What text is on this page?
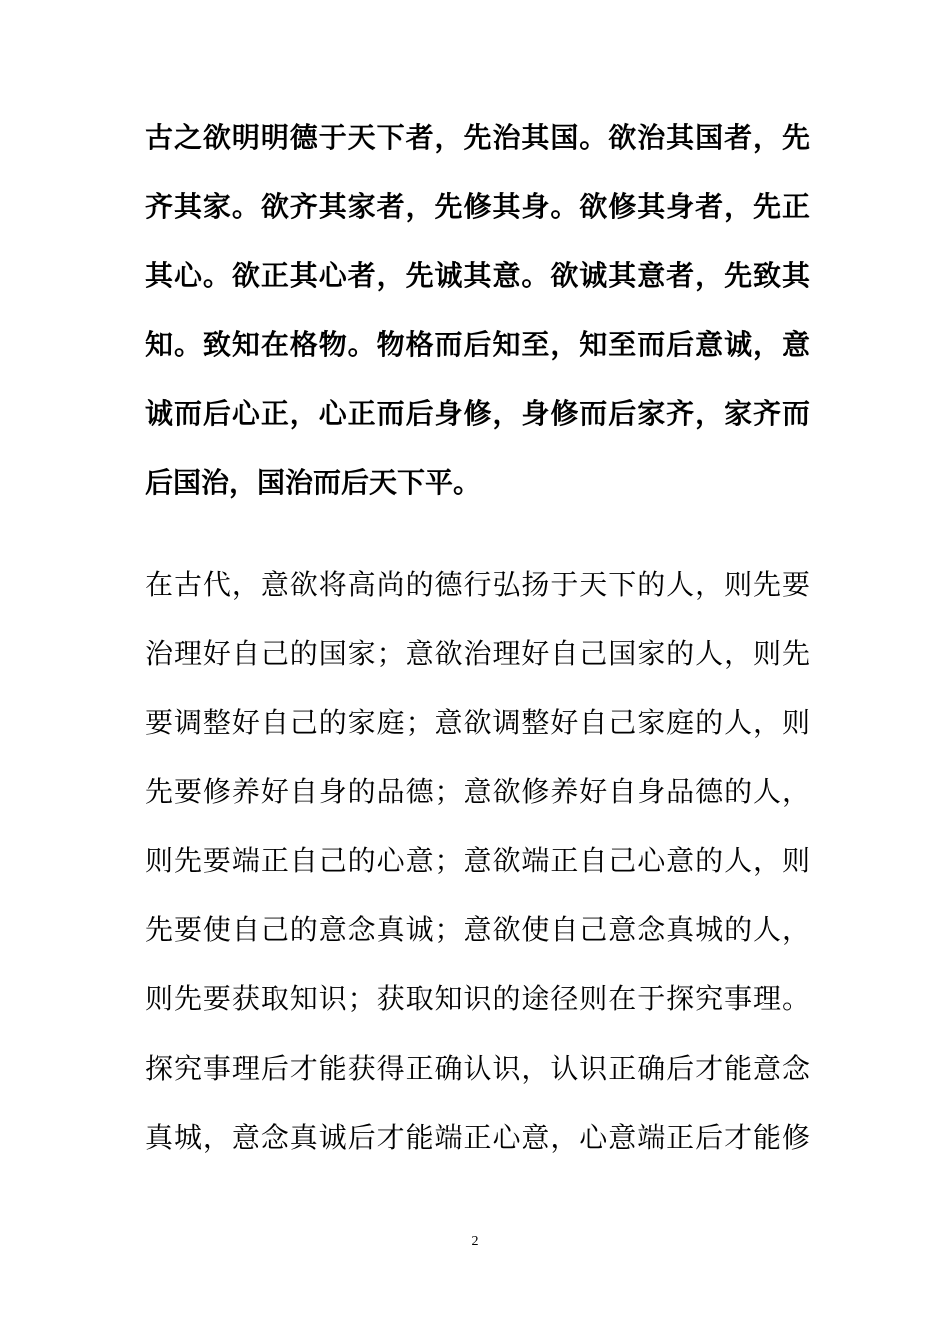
古之欲明明德于天下者，先治其国。欲治其国者，先
齐其家。欲齐其家者，先修其身。欲修其身者，先正
其心。欲正其心者，先诚其意。欲诚其意者，先致其
知。致知在格物。物格而后知至，知至而后意诚，意
诚而后心正，心正而后身修，身修而后家齐，家齐而
后国治，国治而后天下平。
在古代，意欲将高尚的德行弘扬于天下的人，则先要
治理好自己的国家；意欲治理好自己国家的人，则先
要调整好自己的家庭；意欲调整好自己家庭的人，则
先要修养好自身的品德；意欲修养好自身品德的人，
则先要端正自己的心意；意欲端正自己心意的人，则
先要使自己的意念真诚；意欲使自己意念真城的人，
则先要获取知识；获取知识的途径则在于探究事理。
探究事理后才能获得正确认识，认识正确后才能意念
真城，意念真诚后才能端正心意，心意端正后才能修
2
